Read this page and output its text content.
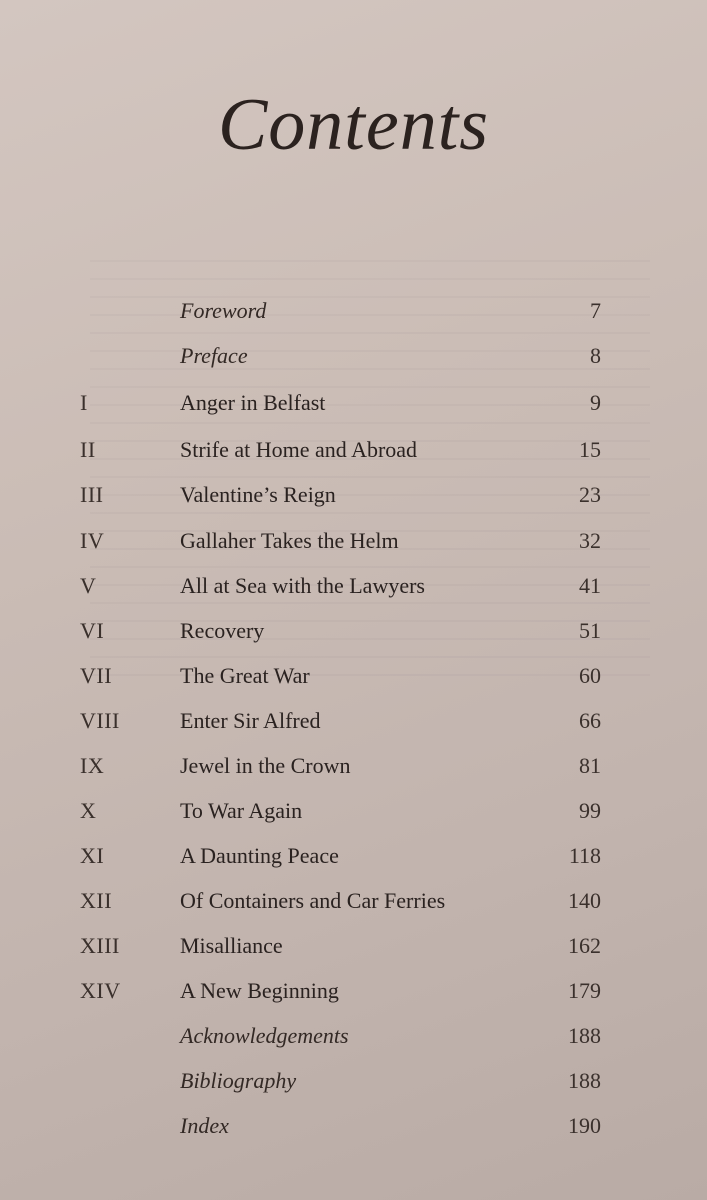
Contents
Foreword	7
Preface	8
I	Anger in Belfast	9
II	Strife at Home and Abroad	15
III	Valentine’s Reign	23
IV	Gallaher Takes the Helm	32
V	All at Sea with the Lawyers	41
VI	Recovery	51
VII	The Great War	60
VIII	Enter Sir Alfred	66
IX	Jewel in the Crown	81
X	To War Again	99
XI	A Daunting Peace	118
XII	Of Containers and Car Ferries	140
XIII	Misalliance	162
XIV	A New Beginning	179
Acknowledgements	188
Bibliography	188
Index	190
